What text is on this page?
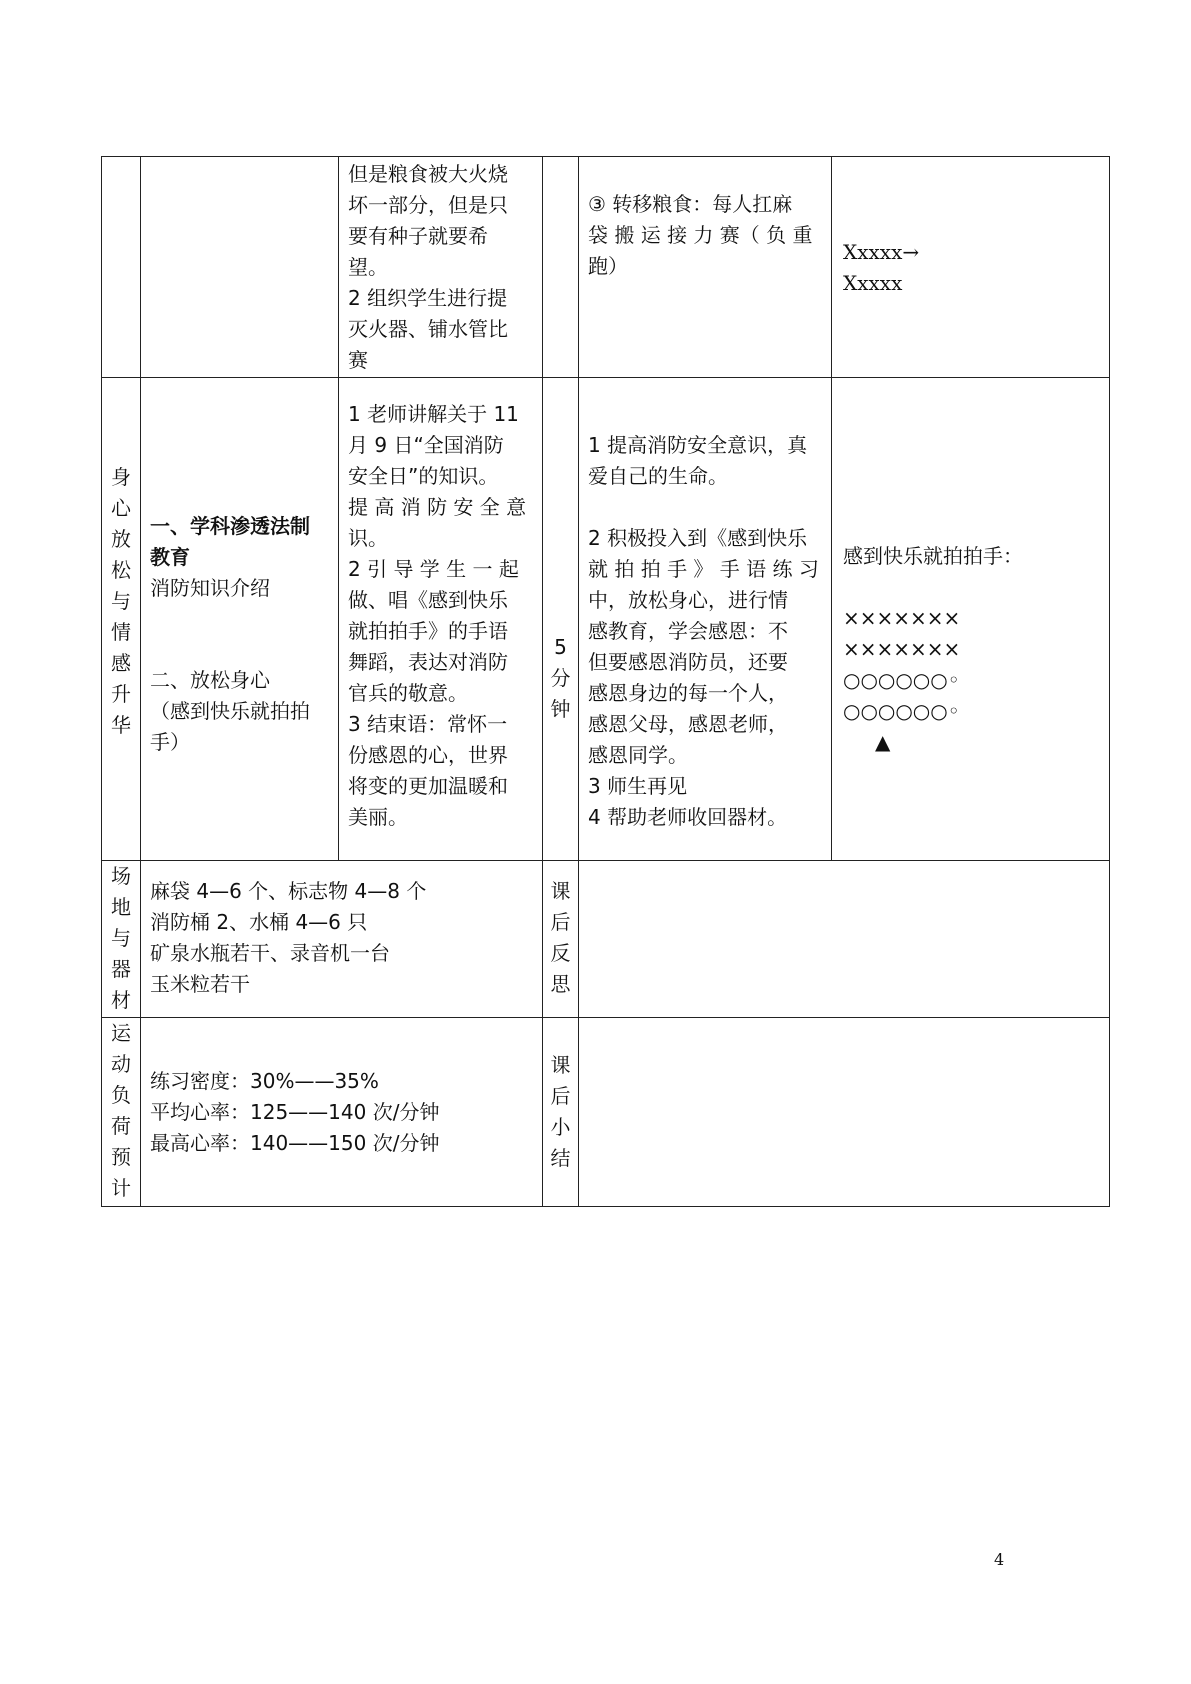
但是粮食被大火烧
坏一部分，但是只
要有种子就要希
望。
2 组织学生进行提
灭火器、铺水管比
赛
③ 转移粮食：每人扛麻
袋 搬 运 接 力 赛（ 负 重
跑）
Xxxxx→
Xxxxx
身
心
放
松
与
情
感
升
华
一、学科渗透法制
教育
消防知识介绍
二、放松身心
（感到快乐就拍拍
手）
1 老师讲解关于 11
月 9 日“全国消防
安全日”的知识。
提 高 消 防 安 全 意
识。
2 引 导 学 生 一 起
做、唱《感到快乐
就拍拍手》的手语
舞蹈，表达对消防
官兵的敬意。
3 结束语：常怀一
份感恩的心，世界
将变的更加温暖和
美丽。
5
分
钟
1 提高消防安全意识，真
爱自己的生命。

2 积极投入到《感到快乐
就 拍 拍 手 》 手 语 练 习
中，放松身心，进行情
感教育，学会感恩：不
但要感恩消防员，还要
感恩身边的每一个人，
感恩父母，感恩老师，
感恩同学。
3 师生再见
4 帮助老师收回器材。
感到快乐就拍拍手：

×××××××
×××××××
○○○○○○◦
○○○○○○◦
▲
场
地
与
器
材
麻袋 4—6 个、标志物 4—8 个
消防桶 2、水桶 4—6 只
矿泉水瓶若干、录音机一台
玉米粒若干
课
后
反
思
运
动
负
荷
预
计
练习密度：30%——35%
平均心率：125——140 次/分钟
最高心率：140——150 次/分钟
课
后
小
结
4
